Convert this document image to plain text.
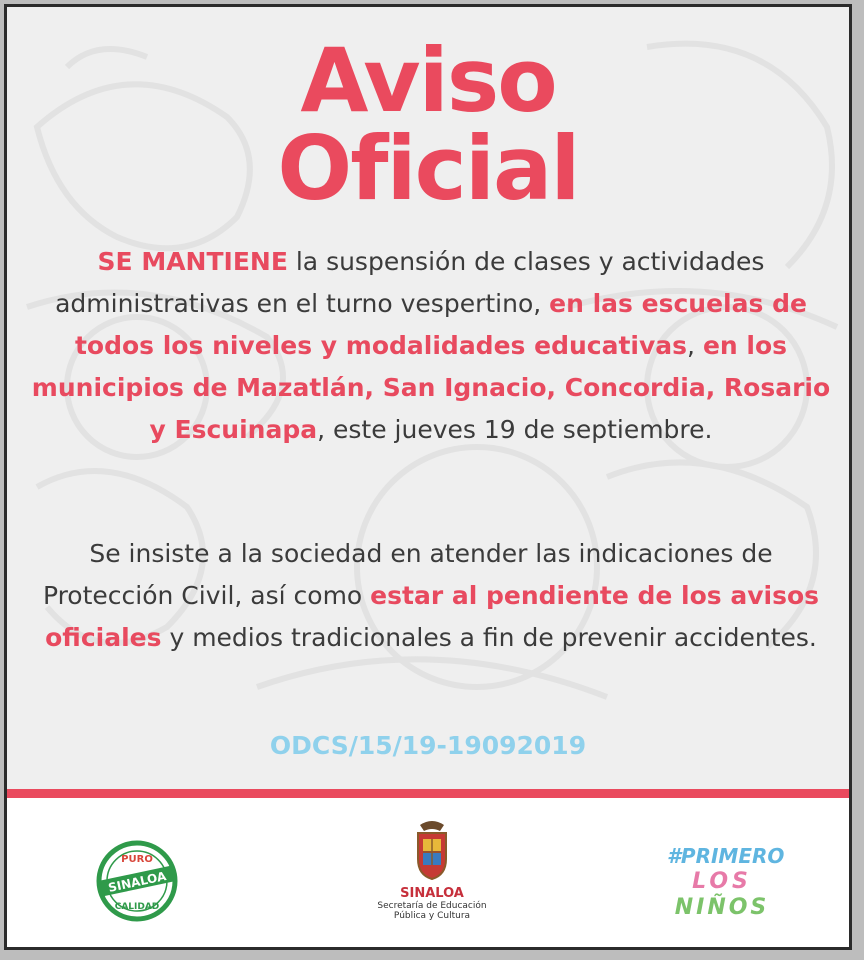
Aviso
Oficial

SE MANTIENE la suspensión de clases y actividades administrativas en el turno vespertino, en las escuelas de todos los niveles y modalidades educativas, en los municipios de Mazatlán, San Ignacio, Concordia, Rosario y Escuinapa, este jueves 19 de septiembre.

Se insiste a la sociedad en atender las indicaciones de Protección Civil, así como estar al pendiente de los avisos oficiales y medios tradicionales a fin de prevenir accidentes.

ODCS/15/19-19092019

PURO
SINALOA
CALIDAD
SINALOA
Secretaría de Educación
Pública y Cultura
#PRIMERO
LOS
NIÑOS
